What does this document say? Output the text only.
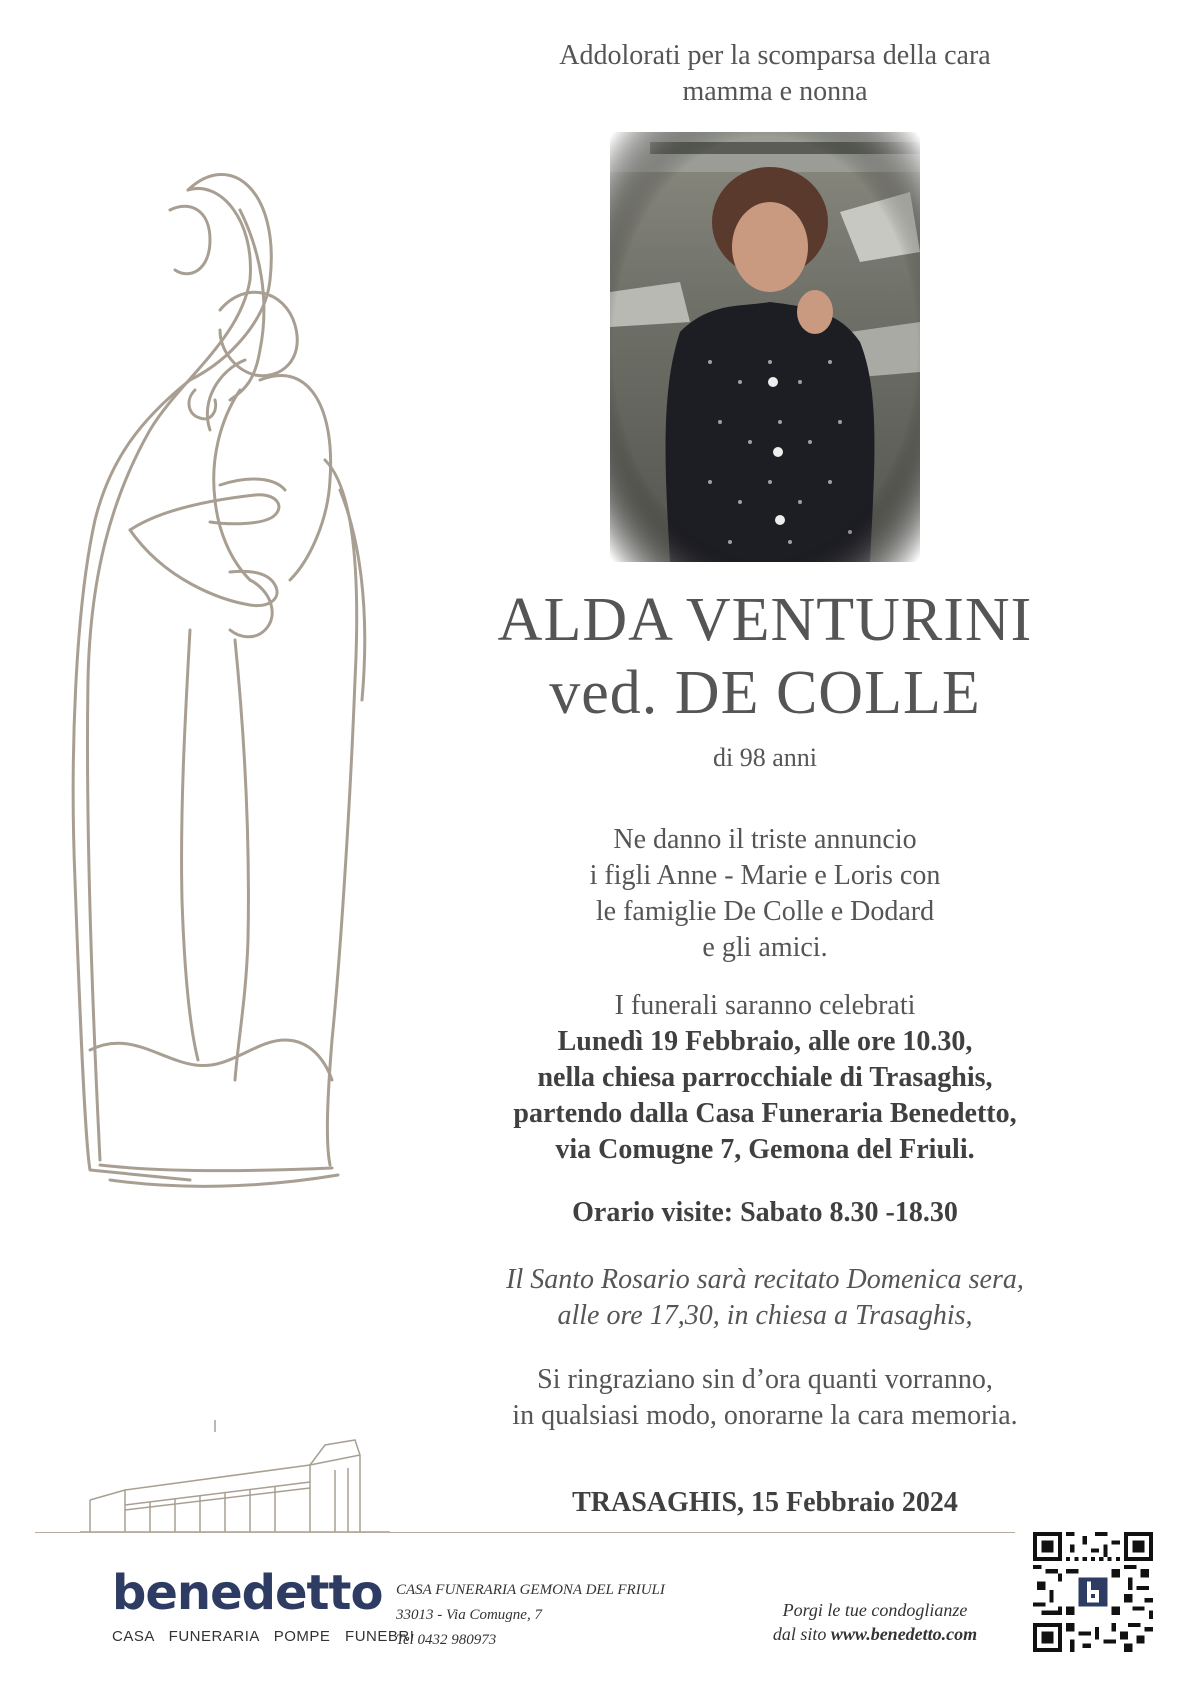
Addolorati per la scomparsa della cara
mamma e nonna
ALDA VENTURINI
ved. DE COLLE
di 98 anni
Ne danno il triste annuncio
i figli Anne - Marie e Loris con
le famiglie De Colle e Dodard
e gli amici.
I funerali saranno celebrati
Lunedì 19 Febbraio, alle ore 10.30,
nella chiesa parrocchiale di Trasaghis,
partendo dalla Casa Funeraria Benedetto,
via Comugne 7, Gemona del Friuli.
Orario visite: Sabato 8.30 -18.30
Il Santo Rosario sarà recitato Domenica sera,
alle ore 17,30, in chiesa a Trasaghis,
Si ringraziano sin d’ora quanti vorranno,
in qualsiasi modo, onorarne la cara memoria.
TRASAGHIS, 15 Febbraio 2024
benedetto
CASA FUNERARIA POMPE FUNEBRI
CASA FUNERARIA GEMONA DEL FRIULI
33013 - Via Comugne, 7
Tel 0432 980973
Porgi le tue condoglianze
dal sito www.benedetto.com
